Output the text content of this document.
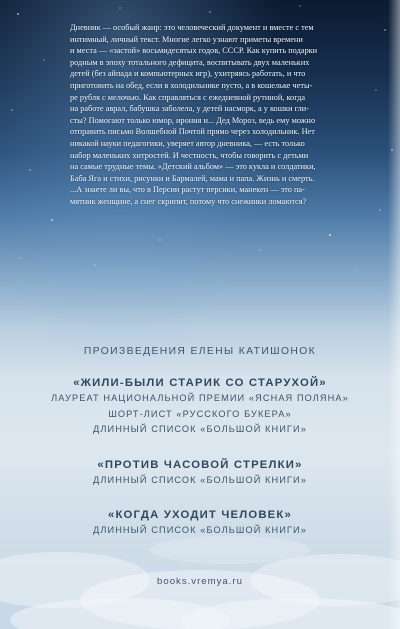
Дневник — особый жанр: это человеческий документ и вместе с тем
интимный, личный текст. Многие легко узнают приметы времени
и места — «застой» восьмидесятых годов, СССР. Как купить подарки
родным в эпоху тотального дефицита, воспитывать двух маленьких
детей (без айпада и компьютерных игр), ухитряясь работать, и что
приготовить на обед, если в холодильнике пусто, а в кошельке четы-
ре рубля с мелочью. Как справляться с ежедневной рутиной, когда
на работе аврал, бабушка заболела, у детей насморк, а у кошки гли-
сты? Помогают только юмор, ирония и... Дед Мороз, ведь ему можно
отправить письмо Волшебной Почтой прямо через холодильник. Нет
никакой науки педагогики, уверяет автор дневника, — есть только
набор маленьких хитростей. И честность, чтобы говорить с детьми
на самые трудные темы. «Детский альбом» — это кукла и солдатики,
Баба Яга и стихи, рисунки и Бармалей, мама и папа. Жизнь и смерть.
...А знаете ли вы, что в Персии растут персики, манекен — это па-
мятник женщине, а снег скрипит, потому что снежинки ломаются?

ПРОИЗВЕДЕНИЯ ЕЛЕНЫ КАТИШОНОК
«ЖИЛИ-БЫЛИ СТАРИК СО СТАРУХОЙ»
ЛАУРЕАТ НАЦИОНАЛЬНОЙ ПРЕМИИ «ЯСНАЯ ПОЛЯНА»
ШОРТ-ЛИСТ «РУССКОГО БУКЕРА»
ДЛИННЫЙ СПИСОК «БОЛЬШОЙ КНИГИ»
«ПРОТИВ ЧАСОВОЙ СТРЕЛКИ»
ДЛИННЫЙ СПИСОК «БОЛЬШОЙ КНИГИ»
«КОГДА УХОДИТ ЧЕЛОВЕК»
ДЛИННЫЙ СПИСОК «БОЛЬШОЙ КНИГИ»
books.vremya.ru
